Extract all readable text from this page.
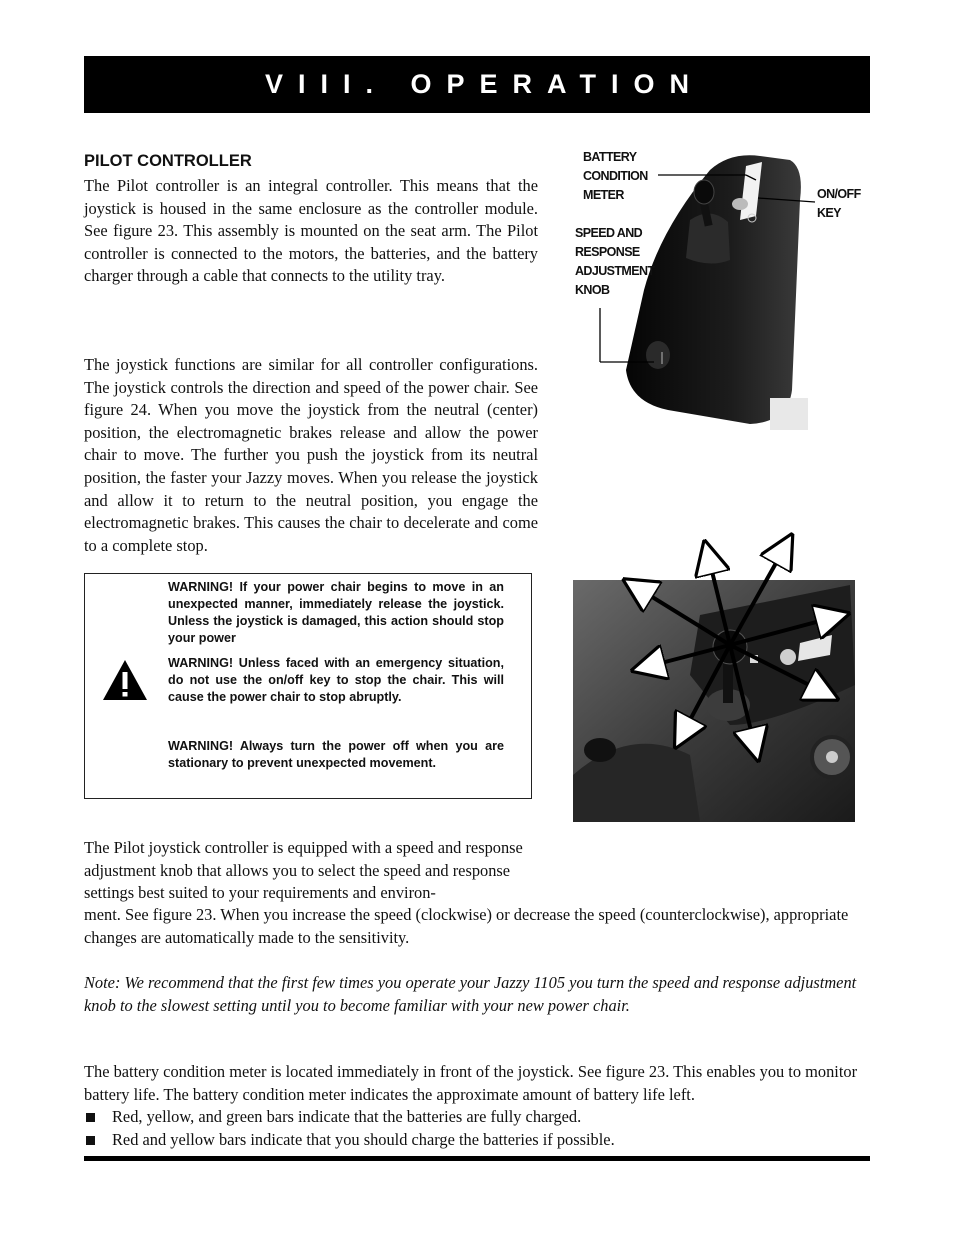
VIII. OPERATION
PILOT CONTROLLER

The Pilot controller is an integral controller. This means that the joystick is housed in the same enclosure as the controller module. See figure 23. This assembly is mounted on the seat arm. The Pilot controller is connected to the motors, the batteries, and the battery charger through a cable that connects to the utility tray.

The joystick functions are similar for all controller configurations. The joystick controls the direction and speed of the power chair. See figure 24. When you move the joystick from the neutral (center) position, the electromagnetic brakes release and allow the power chair to move. The further you push the joystick from its neutral position, the faster your Jazzy moves. When you release the joystick and allow it to return to the neutral position, you engage the electromagnetic brakes. This causes the chair to decelerate and come to a complete stop.

WARNING! If your power chair begins to move in an unexpected manner, immediately release the joystick. Unless the joystick is damaged, this action should stop your power

WARNING! Unless faced with an emergency situation, do not use the on/off key to stop the chair. This will cause the power chair to stop abruptly.

WARNING! Always turn the power off when you are stationary to prevent unexpected movement.

BATTERY CONDITION METER	ON/OFF KEY
SPEED AND RESPONSE ADJUSTMENT KNOB

The Pilot joystick controller is equipped with a speed and response adjustment knob that allows you to select the speed and response settings best suited to your requirements and environ-

ment. See figure 23. When you increase the speed (clockwise) or decrease the speed (counterclockwise), appropriate changes are automatically made to the sensitivity.

Note: We recommend that the first few times you operate your Jazzy 1105 you turn the speed and response adjustment knob to the slowest setting until you to become familiar with your new power chair.

The battery condition meter is located immediately in front of the joystick. See figure 23. This enables you to monitor battery life. The battery condition meter indicates the approximate amount of battery life left.

Red, yellow, and green bars indicate that the batteries are fully charged.
Red and yellow bars indicate that you should charge the batteries if possible.
